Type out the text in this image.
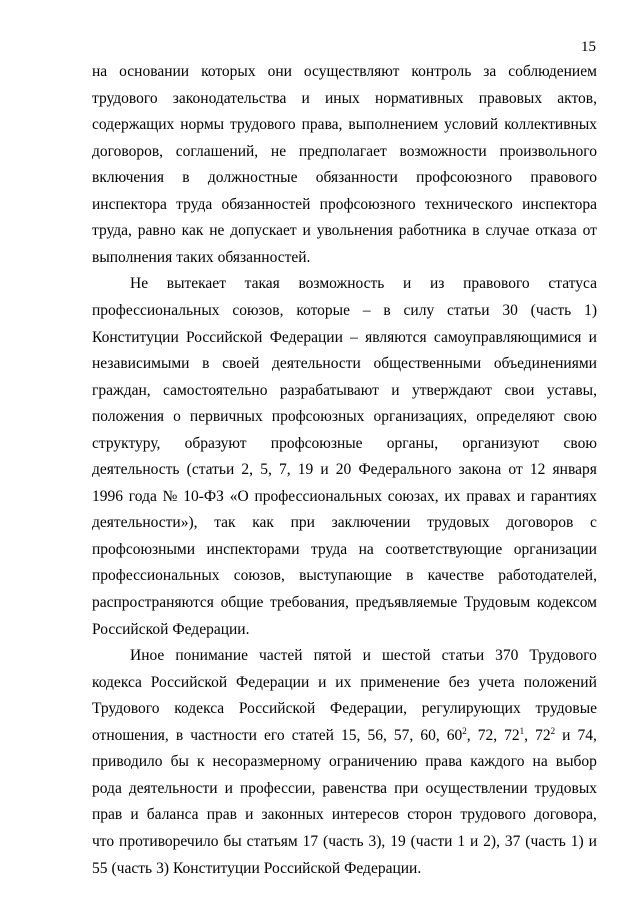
15
на основании которых они осуществляют контроль за соблюдением
трудового законодательства и иных нормативных правовых актов,
содержащих нормы трудового права, выполнением условий коллективных
договоров, соглашений, не предполагает возможности произвольного
включения в должностные обязанности профсоюзного правового
инспектора труда обязанностей профсоюзного технического инспектора
труда, равно как не допускает и увольнения работника в случае отказа от
выполнения таких обязанностей.
Не вытекает такая возможность и из правового статуса
профессиональных союзов, которые – в силу статьи 30 (часть 1)
Конституции Российской Федерации – являются самоуправляющимися и
независимыми в своей деятельности общественными объединениями
граждан, самостоятельно разрабатывают и утверждают свои уставы,
положения о первичных профсоюзных организациях, определяют свою
структуру, образуют профсоюзные органы, организуют свою
деятельность (статьи 2, 5, 7, 19 и 20 Федерального закона от 12 января
1996 года № 10-ФЗ «О профессиональных союзах, их правах и гарантиях
деятельности»), так как при заключении трудовых договоров с
профсоюзными инспекторами труда на соответствующие организации
профессиональных союзов, выступающие в качестве работодателей,
распространяются общие требования, предъявляемые Трудовым кодексом
Российской Федерации.
Иное понимание частей пятой и шестой статьи 370 Трудового
кодекса Российской Федерации и их применение без учета положений
Трудового кодекса Российской Федерации, регулирующих трудовые
отношения, в частности его статей 15, 56, 57, 60, $60^2$, 72, $72^1$, $72^2$ и 74,
приводило бы к несоразмерному ограничению права каждого на выбор
рода деятельности и профессии, равенства при осуществлении трудовых
прав и баланса прав и законных интересов сторон трудового договора,
что противоречило бы статьям 17 (часть 3), 19 (части 1 и 2), 37 (часть 1) и
55 (часть 3) Конституции Российской Федерации.
